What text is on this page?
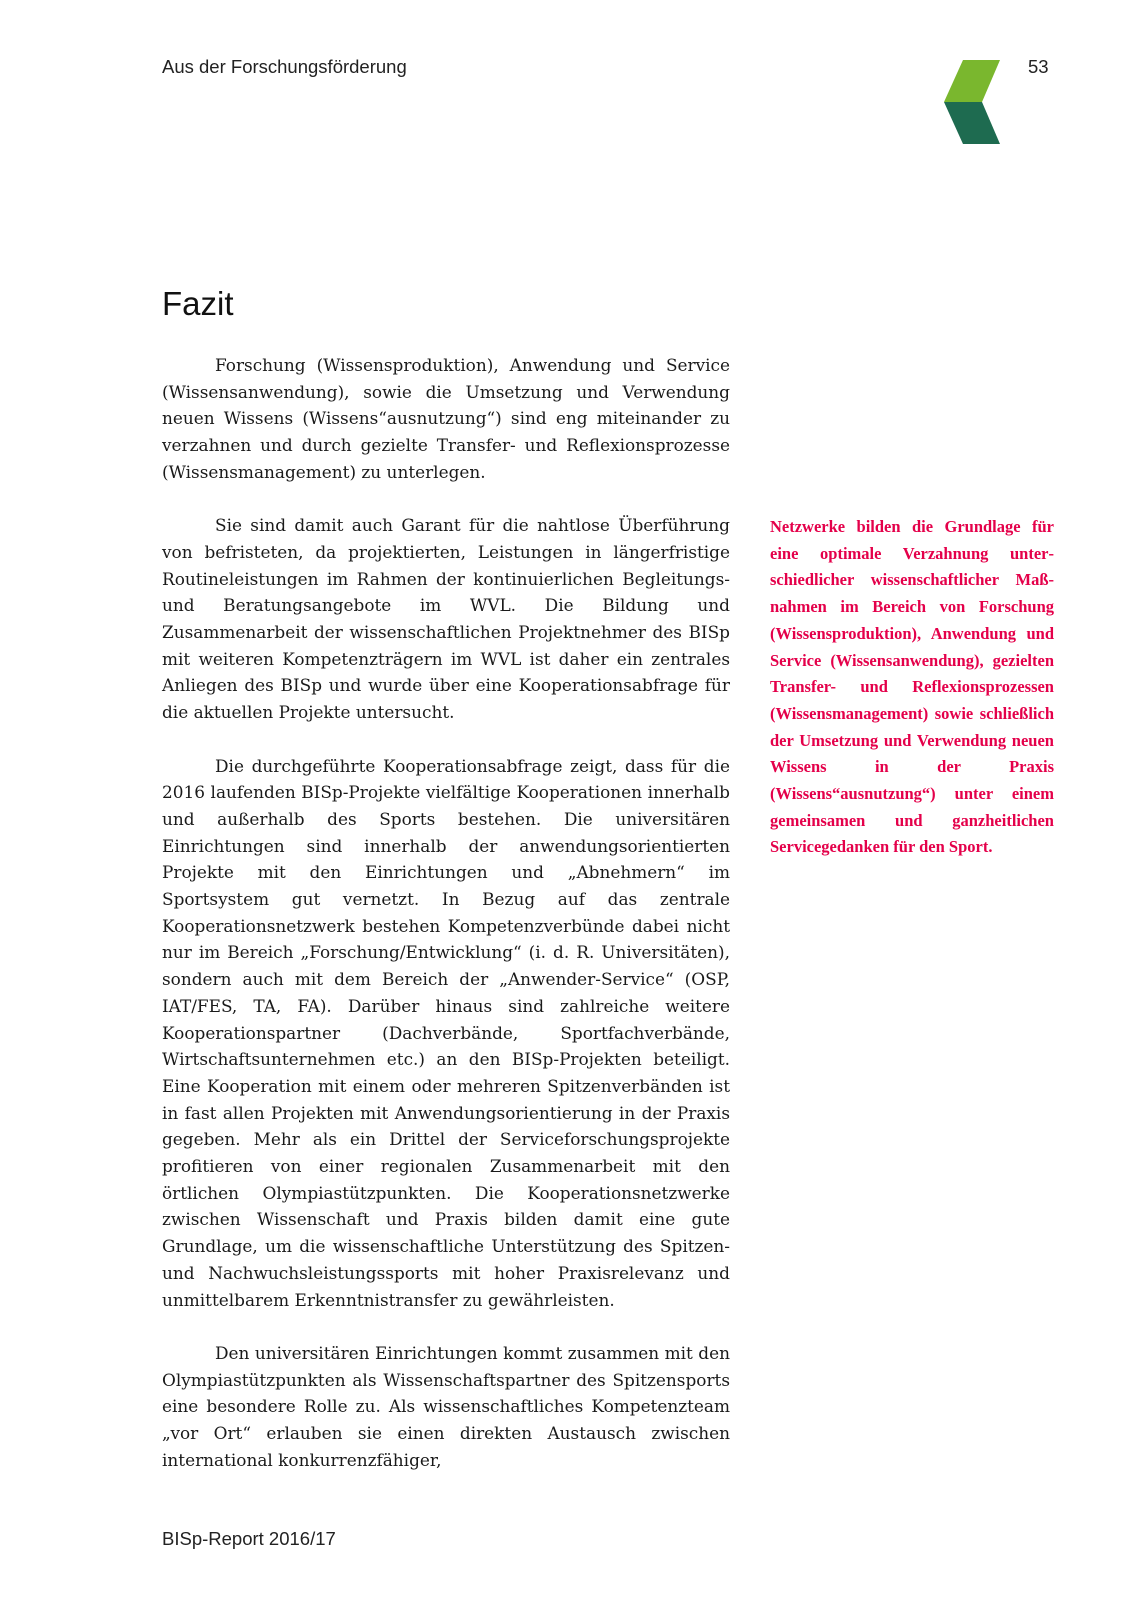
Aus der Forschungsförderung	53
Fazit

Forschung (Wissensproduktion), Anwendung und Service (Wissensanwendung), sowie die Umsetzung und Verwendung neuen Wissens (Wissens“ausnutzung“) sind eng miteinander zu verzahnen und durch gezielte Transfer- und Reflexionsprozesse (Wissensmanagement) zu unterlegen.

Sie sind damit auch Garant für die nahtlose Überführung von befristeten, da projektierten, Leistungen in längerfristige Routineleistungen im Rahmen der kontinuierlichen Begleitungs- und Beratungsangebote im WVL. Die Bildung und Zusammenarbeit der wissenschaftlichen Projektnehmer des BISp mit weiteren Kompetenzträgern im WVL ist daher ein zentrales Anliegen des BISp und wurde über eine Kooperationsabfrage für die aktuellen Projekte untersucht.

Die durchgeführte Kooperationsabfrage zeigt, dass für die 2016 laufenden BISp-Projekte vielfältige Kooperationen innerhalb und außerhalb des Sports bestehen. Die universitären Einrichtungen sind innerhalb der anwendungsorientierten Projekte mit den Einrichtungen und „Abnehmern“ im Sportsystem gut vernetzt. In Bezug auf das zentrale Kooperationsnetzwerk bestehen Kompetenzverbünde dabei nicht nur im Bereich „Forschung/Entwicklung“ (i. d. R. Universitäten), sondern auch mit dem Bereich der „Anwender-Service“ (OSP, IAT/FES, TA, FA). Darüber hinaus sind zahlreiche weitere Kooperationspartner (Dachverbände, Sportfachverbände, Wirtschaftsunternehmen etc.) an den BISp-Projekten beteiligt. Eine Kooperation mit einem oder mehreren Spitzenverbänden ist in fast allen Projekten mit Anwendungsorientierung in der Praxis gegeben. Mehr als ein Drittel der Serviceforschungsprojekte profitieren von einer regionalen Zusammenarbeit mit den örtlichen Olympiastützpunkten. Die Kooperationsnetzwerke zwischen Wissenschaft und Praxis bilden damit eine gute Grundlage, um die wissenschaftliche Unterstützung des Spitzen- und Nachwuchsleistungssports mit hoher Praxisrelevanz und unmittelbarem Erkenntnistransfer zu gewährleisten.

Den universitären Einrichtungen kommt zusammen mit den Olympiastützpunkten als Wissenschaftspartner des Spitzensports eine besondere Rolle zu. Als wissenschaftliches Kompetenzteam „vor Ort“ erlauben sie einen direkten Austausch zwischen international konkurrenzfähiger,

Netzwerke bilden die Grundlage für eine optimale Verzahnung unterschiedlicher wissenschaftlicher Maßnahmen im Bereich von Forschung (Wissensproduktion), Anwendung und Service (Wissensanwendung), gezielten Transfer- und Reflexionsprozessen (Wissensmanagement) sowie schließlich der Umsetzung und Verwendung neuen Wissens in der Praxis (Wissens“ausnutzung“) unter einem gemeinsamen und ganzheitlichen Servicegedanken für den Sport.

BISp-Report 2016/17
